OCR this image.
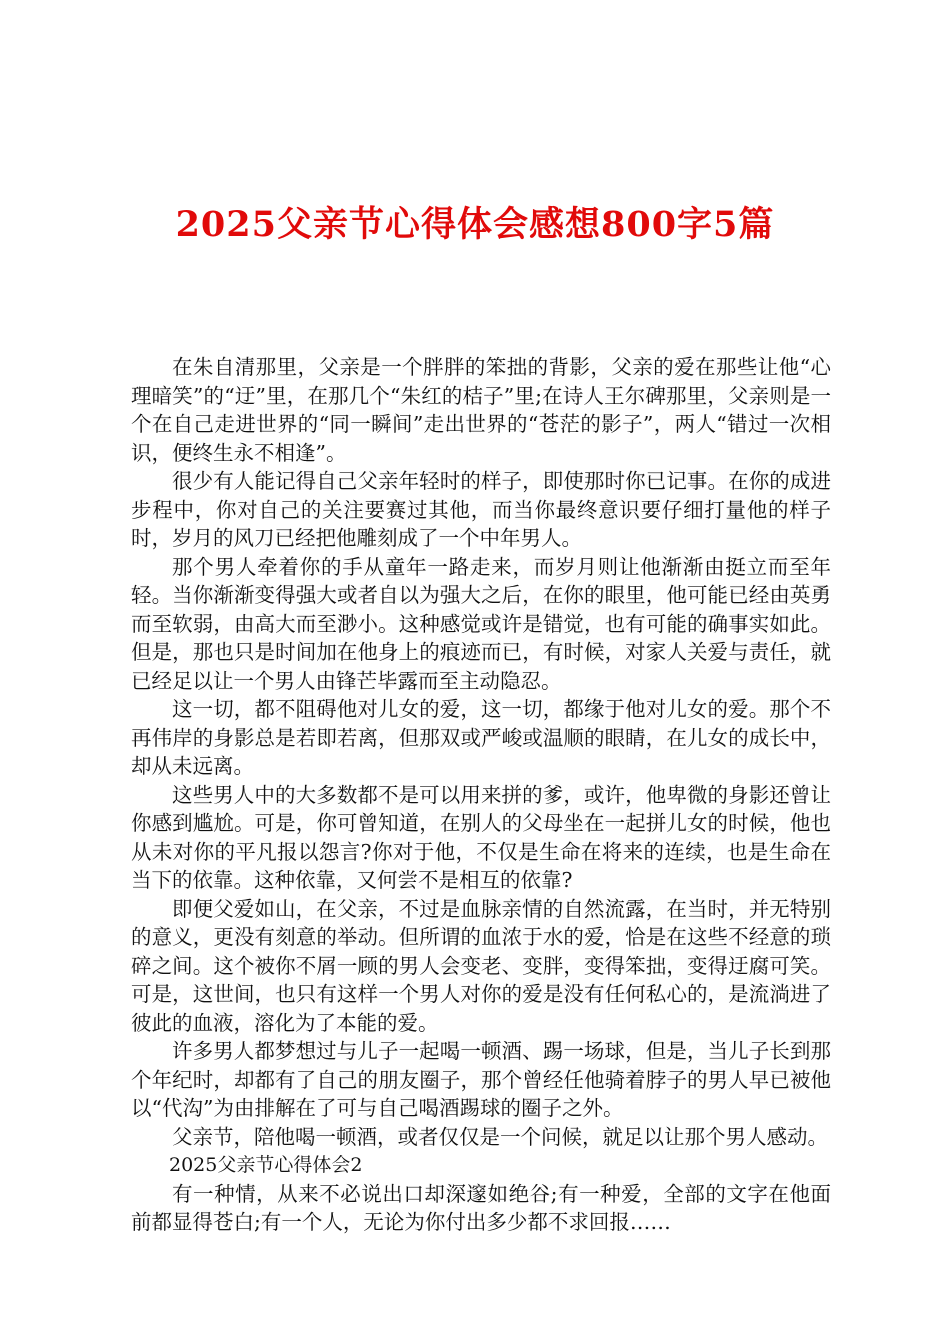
2025父亲节心得体会感想800字5篇

在朱自清那里，父亲是一个胖胖的笨拙的背影，父亲的爱在那些让他“心理暗笑”的“迂”里，在那几个“朱红的桔子”里;在诗人王尔碑那里，父亲则是一个在自己走进世界的“同一瞬间”走出世界的“苍茫的影子”，两人“错过一次相识，便终生永不相逢”。

很少有人能记得自己父亲年轻时的样子，即使那时你已记事。在你的成进步程中，你对自己的关注要赛过其他，而当你最终意识要仔细打量他的样子时，岁月的风刀已经把他雕刻成了一个中年男人。

那个男人牵着你的手从童年一路走来，而岁月则让他渐渐由挺立而至年轻。当你渐渐变得强大或者自以为强大之后，在你的眼里，他可能已经由英勇而至软弱，由高大而至渺小。这种感觉或许是错觉，也有可能的确事实如此。但是，那也只是时间加在他身上的痕迹而已，有时候，对家人关爱与责任，就已经足以让一个男人由锋芒毕露而至主动隐忍。

这一切，都不阻碍他对儿女的爱，这一切，都缘于他对儿女的爱。那个不再伟岸的身影总是若即若离，但那双或严峻或温顺的眼睛，在儿女的成长中，却从未远离。

这些男人中的大多数都不是可以用来拼的爹，或许，他卑微的身影还曾让你感到尴尬。可是，你可曾知道，在别人的父母坐在一起拼儿女的时候，他也从未对你的平凡报以怨言?你对于他，不仅是生命在将来的连续，也是生命在当下的依靠。这种依靠，又何尝不是相互的依靠?

即便父爱如山，在父亲，不过是血脉亲情的自然流露，在当时，并无特别的意义，更没有刻意的举动。但所谓的血浓于水的爱，恰是在这些不经意的琐碎之间。这个被你不屑一顾的男人会变老、变胖，变得笨拙，变得迂腐可笑。可是，这世间，也只有这样一个男人对你的爱是没有任何私心的，是流淌进了彼此的血液，溶化为了本能的爱。

许多男人都梦想过与儿子一起喝一顿酒、踢一场球，但是，当儿子长到那个年纪时，却都有了自己的朋友圈子，那个曾经任他骑着脖子的男人早已被他以“代沟”为由排解在了可与自己喝酒踢球的圈子之外。

父亲节，陪他喝一顿酒，或者仅仅是一个问候，就足以让那个男人感动。

2025父亲节心得体会2

有一种情，从来不必说出口却深邃如绝谷;有一种爱，全部的文字在他面前都显得苍白;有一个人，无论为你付出多少都不求回报……
